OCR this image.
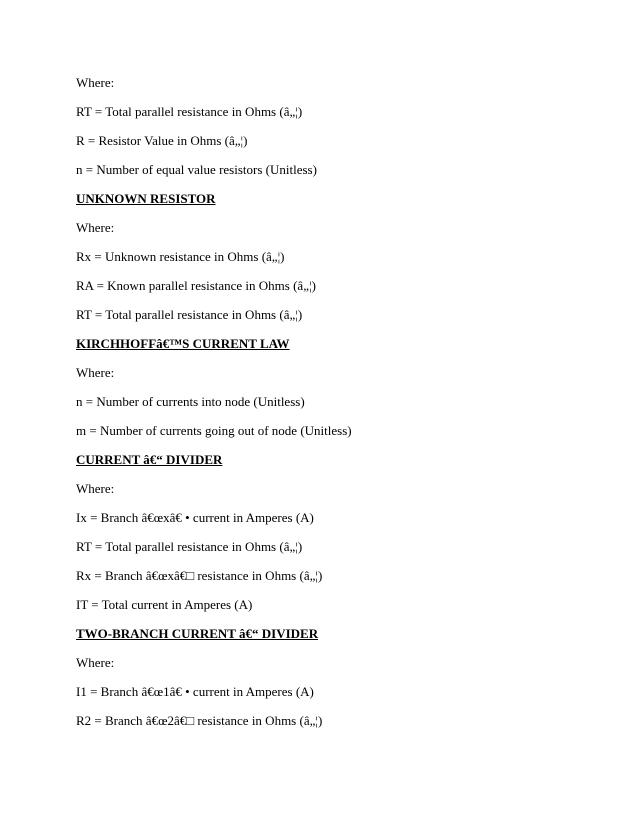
Where:
RT = Total parallel resistance in Ohms (â„¦)
R = Resistor Value in Ohms (â„¦)
n = Number of equal value resistors (Unitless)
UNKNOWN RESISTOR
Where:
Rx = Unknown resistance in Ohms (â„¦)
RA = Known parallel resistance in Ohms (â„¦)
RT = Total parallel resistance in Ohms (â„¦)
KIRCHHOFFâ€™S CURRENT LAW
Where:
n = Number of currents into node (Unitless)
m = Number of currents going out of node (Unitless)
CURRENT â€“ DIVIDER
Where:
Ix = Branch â€œxâ€ • current in Amperes (A)
RT = Total parallel resistance in Ohms (â„¦)
Rx = Branch â€œxâ€□ resistance in Ohms (â„¦)
IT = Total current in Amperes (A)
TWO-BRANCH CURRENT â€“ DIVIDER
Where:
I1 = Branch â€œ1â€ • current in Amperes (A)
R2 = Branch â€œ2â€□ resistance in Ohms (â„¦)
